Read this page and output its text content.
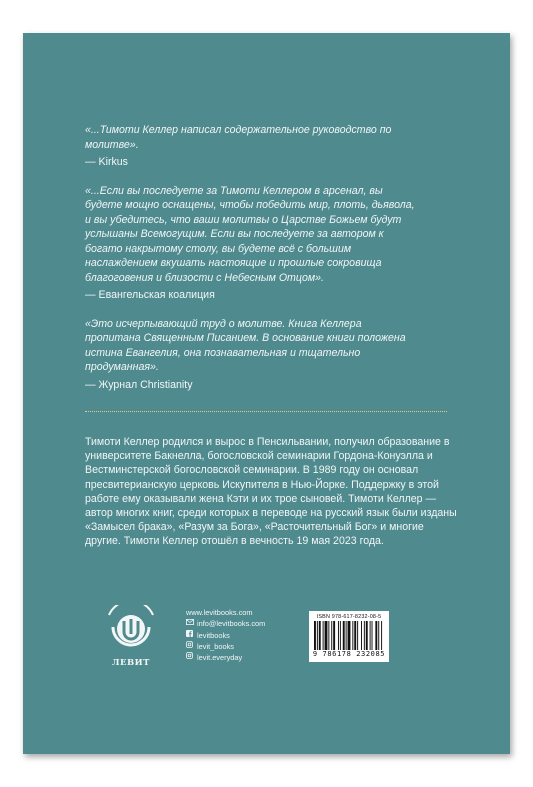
«...Тимоти Келлер написал содержательное руководство по молитве».

— Kirkus

«...Если вы последуете за Тимоти Келлером в арсенал, вы будете мощно оснащены, чтобы победить мир, плоть, дьявола, и вы убедитесь, что ваши молитвы о Царстве Божьем будут услышаны Всемогущим. Если вы последуете за автором к богато накрытому столу, вы будете всё с большим наслаждением вкушать настоящие и прошлые сокровища благоговения и близости с Небесным Отцом».

— Евангельская коалиция

«Это исчерпывающий труд о молитве. Книга Келлера пропитана Священным Писанием. В основание книги положена истина Евангелия, она познавательная и тщательно продуманная».

— Журнал Christianity

Тимоти Келлер родился и вырос в Пенсильвании, получил образование в университете Бакнелла, богословской семинарии Гордона-Конуэлла и Вестминстерской богословской семинарии. В 1989 году он основал пресвитерианскую церковь Искупителя в Нью-Йорке. Поддержку в этой работе ему оказывали жена Кэти и их трое сыновей. Тимоти Келлер — автор многих книг, среди которых в переводе на русский язык были изданы «Замысел брака», «Разум за Бога», «Расточительный Бог» и многие другие. Тимоти Келлер отошёл в вечность 19 мая 2023 года.

ЛЕВИТ
www.levitbooks.com
info@levitbooks.com
levitbooks
levit_books
levit.everyday
ISBN 978-617-8232-08-5
9 786178 232085
